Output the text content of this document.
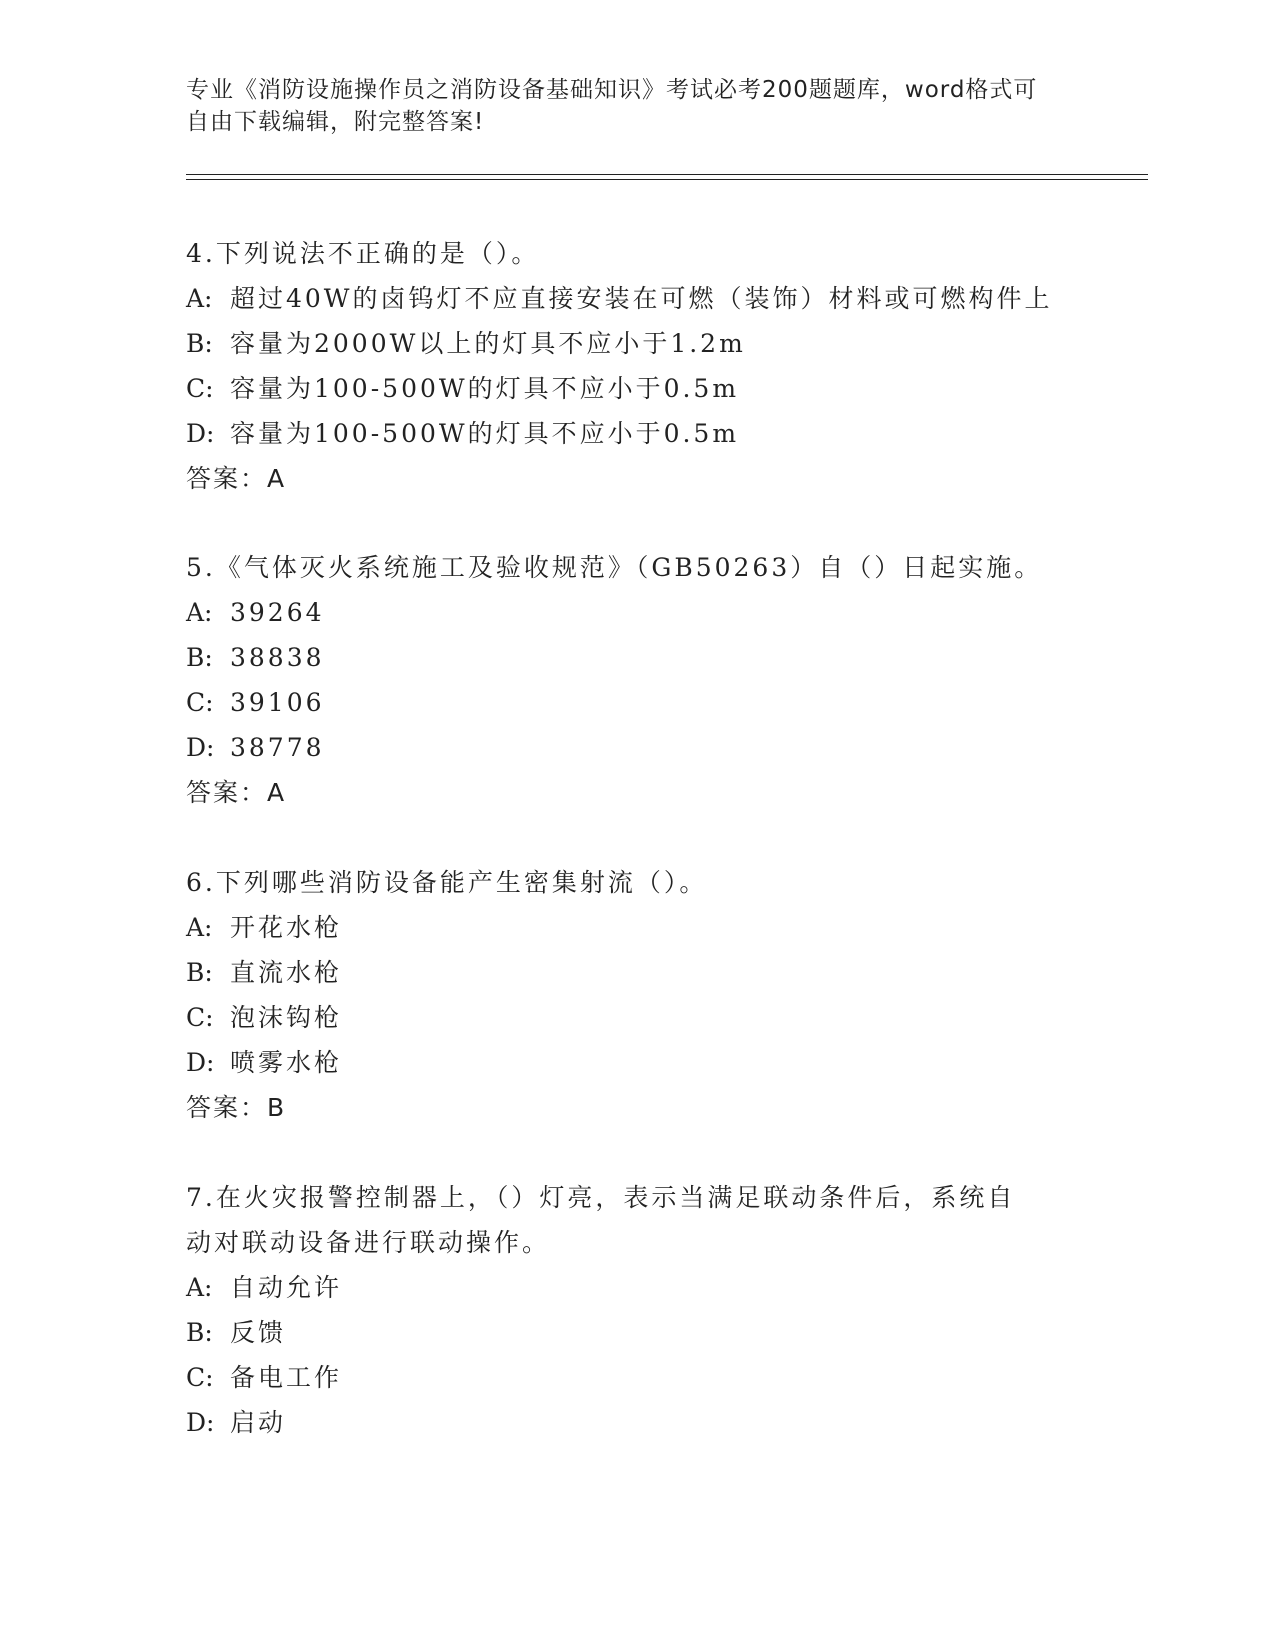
专业《消防设施操作员之消防设备基础知识》考试必考200题题库，word格式可
自由下载编辑，附完整答案!
4.下列说法不正确的是（）。
A: 超过40W的卤钨灯不应直接安装在可燃（装饰）材料或可燃构件上
B: 容量为2000W以上的灯具不应小于1.2m
C: 容量为100-500W的灯具不应小于0.5m
D: 容量为100-500W的灯具不应小于0.5m
答案：A
5.《气体灭火系统施工及验收规范》（GB50263）自（）日起实施。
A: 39264
B: 38838
C: 39106
D: 38778
答案：A
6.下列哪些消防设备能产生密集射流（）。
A: 开花水枪
B: 直流水枪
C: 泡沫钩枪
D: 喷雾水枪
答案：B
7.在火灾报警控制器上，（）灯亮，表示当满足联动条件后，系统自
动对联动设备进行联动操作。
A: 自动允许
B: 反馈
C: 备电工作
D: 启动
